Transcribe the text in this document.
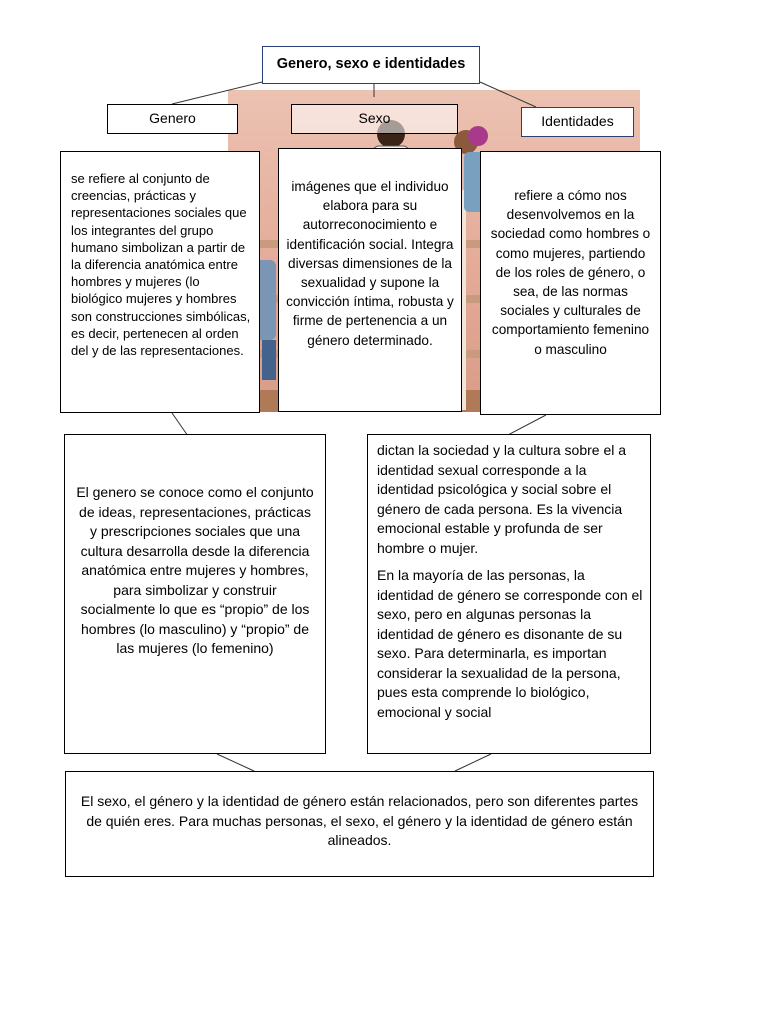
Genero, sexo e identidades
Genero	Sexo	Identidades
se refiere al conjunto de creencias, prácticas y representaciones sociales que los integrantes del grupo humano simbolizan a partir de la diferencia anatómica entre hombres y mujeres (lo biológico mujeres y hombres son construcciones simbólicas, es decir, pertenecen al orden del y de las representaciones.
imágenes que el individuo elabora para su autorreconocimiento e identificación social. Integra diversas dimensiones de la sexualidad y supone la convicción íntima, robusta y firme de pertenencia a un género determinado.
refiere a cómo nos desenvolvemos en la sociedad como hombres o como mujeres, partiendo de los roles de género, o sea, de las normas sociales y culturales de comportamiento femenino o masculino
El genero se conoce como el conjunto de ideas, representaciones, prácticas y prescripciones sociales que una cultura desarrolla desde la diferencia anatómica entre mujeres y hombres, para simbolizar y construir socialmente lo que es “propio” de los hombres (lo masculino) y “propio” de las mujeres (lo femenino)

dictan la sociedad y la cultura sobre el a identidad sexual corresponde a la identidad psicológica y social sobre el género de cada persona. Es la vivencia emocional estable y profunda de ser hombre o mujer.

En la mayoría de las personas, la identidad de género se corresponde con el sexo, pero en algunas personas la identidad de género es disonante de su sexo. Para determinarla, es importan considerar la sexualidad de la persona, pues esta comprende lo biológico, emocional y social

El sexo, el género y la identidad de género están relacionados, pero son diferentes partes de quién eres. Para muchas personas, el sexo, el género y la identidad de género están alineados.
